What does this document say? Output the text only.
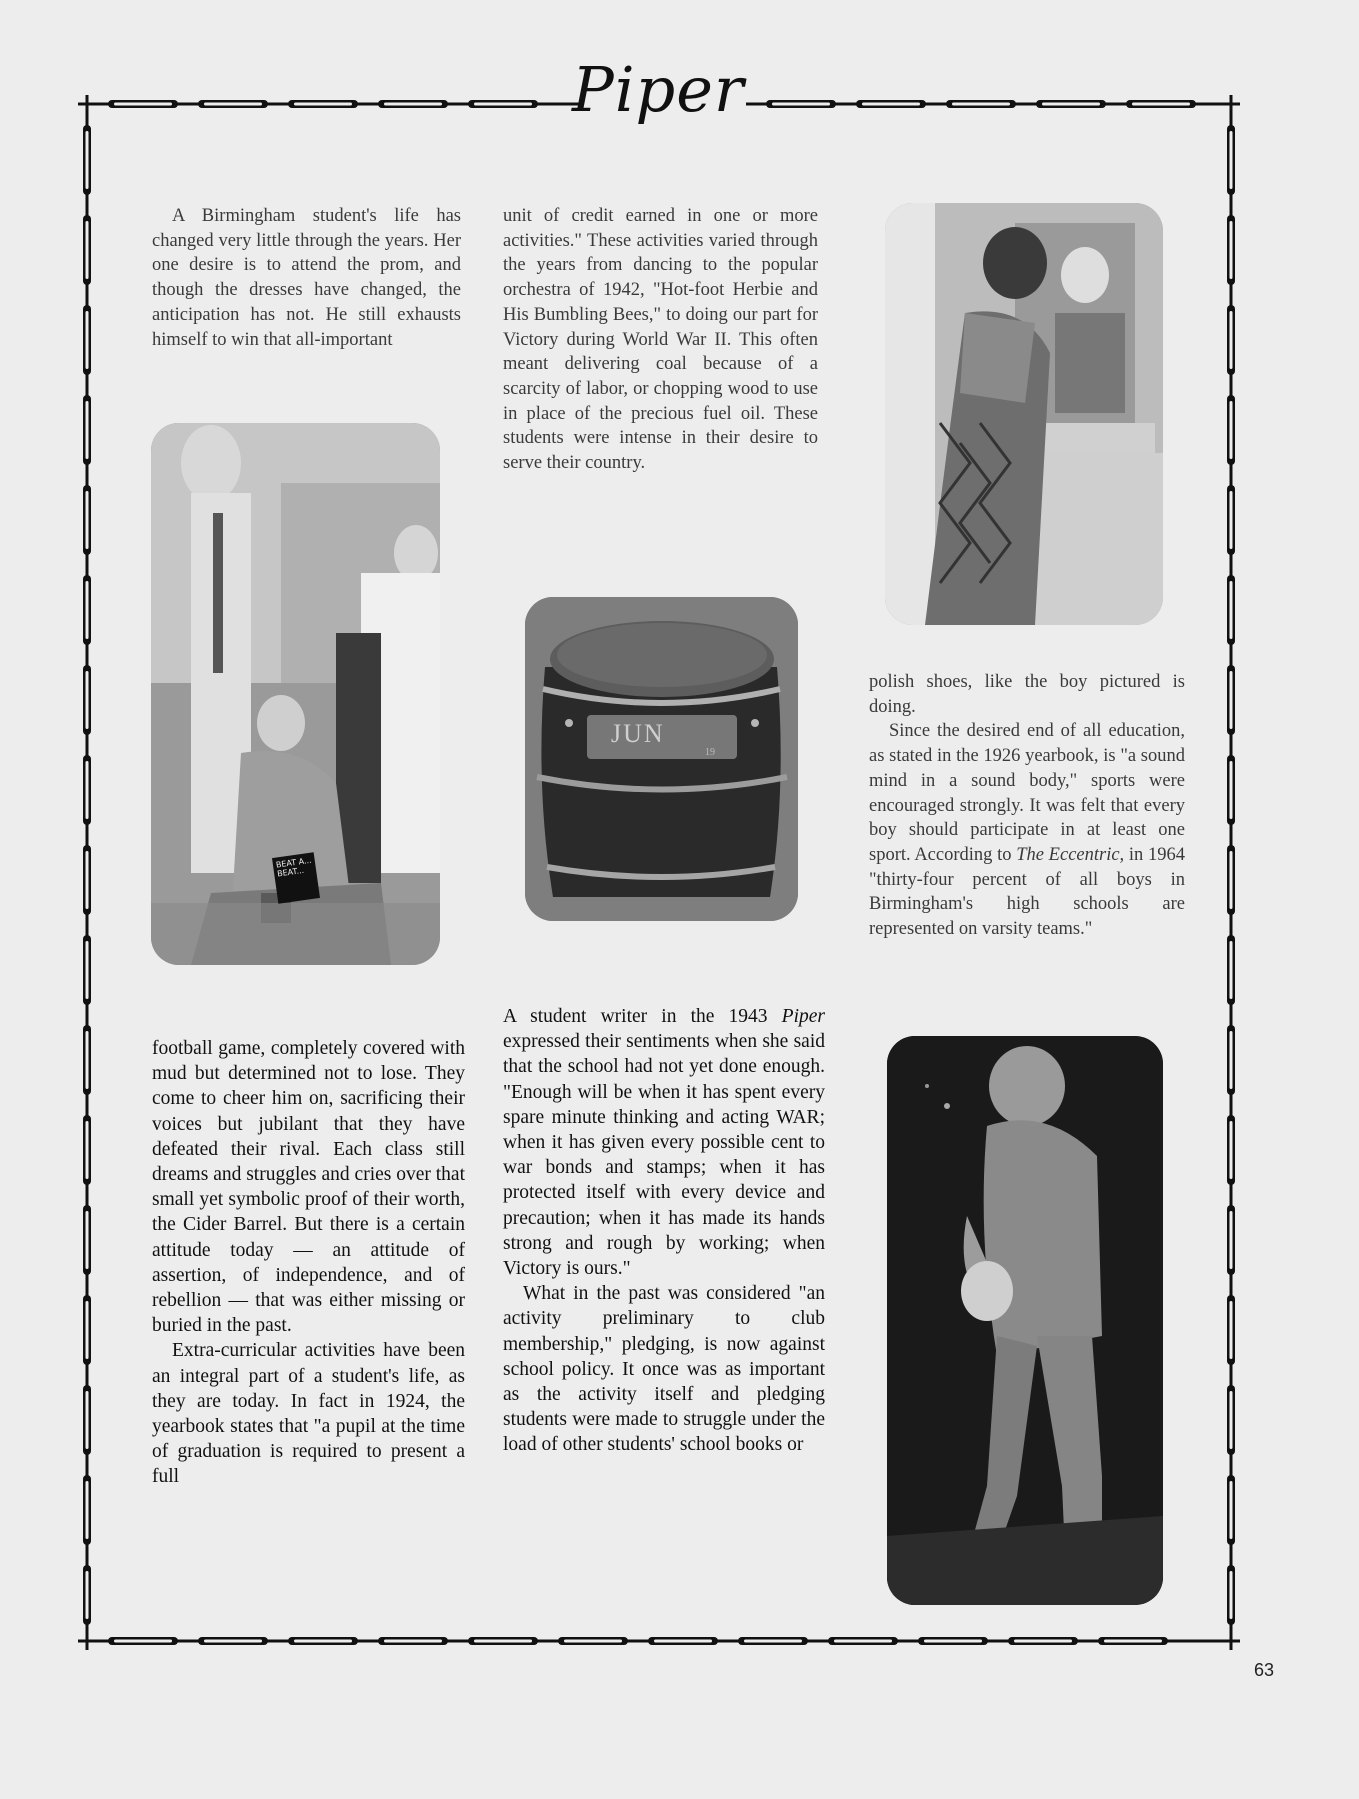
Piper

A Birmingham student's life has changed very little through the years. Her one desire is to attend the prom, and though the dresses have changed, the anticipation has not. He still exhausts himself to win that all-important

BEAT A... BEAT...

football game, completely covered with mud but determined not to lose. They come to cheer him on, sacrificing their voices but jubilant that they have defeated their rival. Each class still dreams and struggles and cries over that small yet symbolic proof of their worth, the Cider Barrel. But there is a certain attitude today — an attitude of assertion, of independence, and of rebellion — that was either missing or buried in the past.

Extra-curricular activities have been an integral part of a student's life, as they are today. In fact in 1924, the yearbook states that "a pupil at the time of graduation is required to present a full

unit of credit earned in one or more activities." These activities varied through the years from dancing to the popular orchestra of 1942, "Hot-foot Herbie and His Bumbling Bees," to doing our part for Victory during World War II. This often meant delivering coal because of a scarcity of labor, or chopping wood to use in place of the precious fuel oil. These students were intense in their desire to serve their country.

JUN
19

A student writer in the 1943 Piper expressed their sentiments when she said that the school had not yet done enough. "Enough will be when it has spent every spare minute thinking and acting WAR; when it has given every possible cent to war bonds and stamps; when it has protected itself with every device and precaution; when it has made its hands strong and rough by working; when Victory is ours."

What in the past was considered "an activity preliminary to club membership," pledging, is now against school policy. It once was as important as the activity itself and pledging students were made to struggle under the load of other students' school books or

polish shoes, like the boy pictured is doing.

Since the desired end of all education, as stated in the 1926 yearbook, is "a sound mind in a sound body," sports were encouraged strongly. It was felt that every boy should participate in at least one sport. According to The Eccentric, in 1964 "thirty-four percent of all boys in Birmingham's high schools are represented on varsity teams."

63
